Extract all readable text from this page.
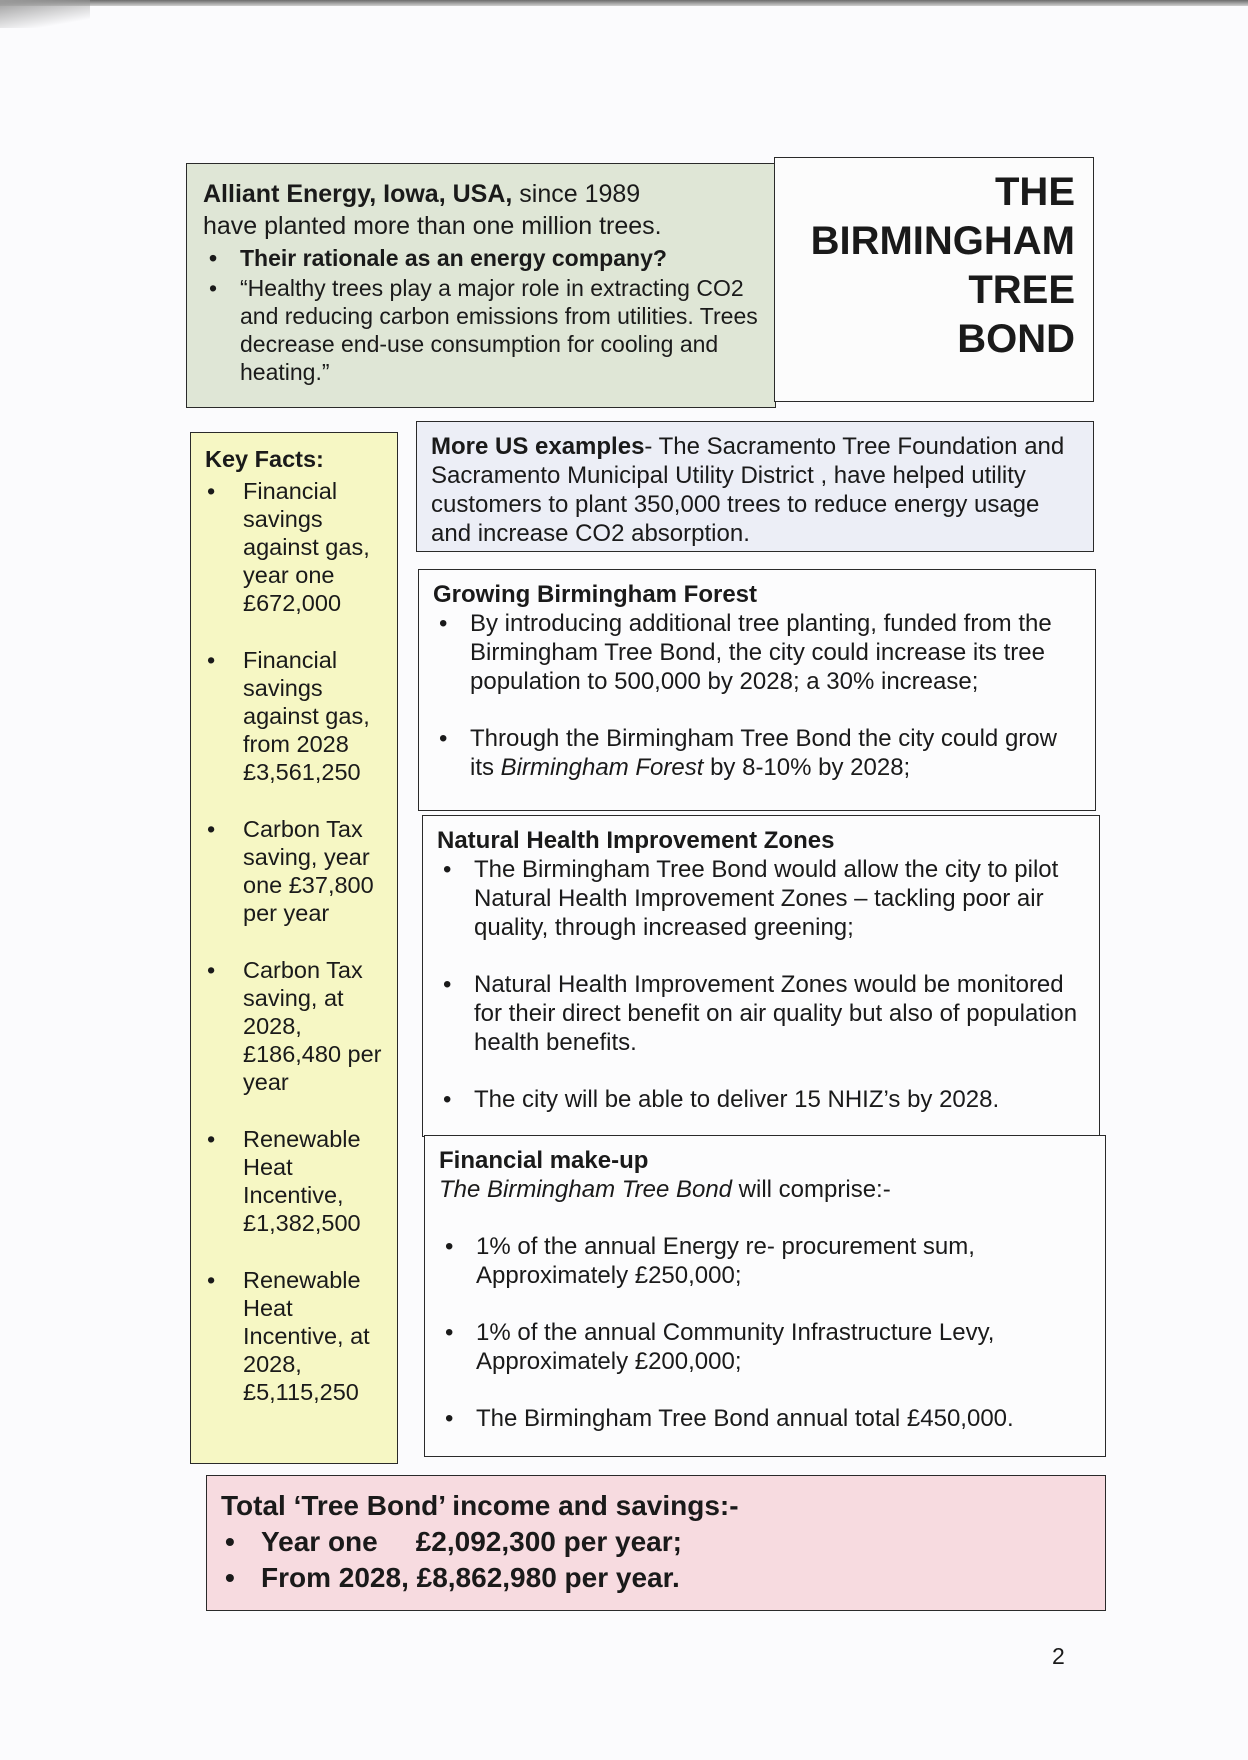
Alliant Energy, Iowa, USA, since 1989
have planted more than one million trees.
• Their rationale as an energy company?
• “Healthy trees play a major role in extracting CO2 and reducing carbon emissions from utilities. Trees decrease end-use consumption for cooling and heating.”
THE
BIRMINGHAM
TREE
BOND
Key Facts:
• Financial savings against gas, year one £672,000
• Financial savings against gas, from 2028 £3,561,250
• Carbon Tax saving, year one £37,800 per year
• Carbon Tax saving, at 2028, £186,480 per year
• Renewable Heat Incentive, £1,382,500
• Renewable Heat Incentive, at 2028, £5,115,250
More US examples- The Sacramento Tree Foundation and Sacramento Municipal Utility District , have helped utility customers to plant 350,000 trees to reduce energy usage and increase CO2 absorption.
Growing Birmingham Forest
• By introducing additional tree planting, funded from the Birmingham Tree Bond, the city could increase its tree population to 500,000 by 2028; a 30% increase;
• Through the Birmingham Tree Bond the city could grow its Birmingham Forest by 8-10% by 2028;
Natural Health Improvement Zones
• The Birmingham Tree Bond would allow the city to pilot Natural Health Improvement Zones – tackling poor air quality, through increased greening;
• Natural Health Improvement Zones would be monitored for their direct benefit on air quality but also of population health benefits.
• The city will be able to deliver 15 NHIZ’s by 2028.
Financial make-up
The Birmingham Tree Bond will comprise:-
• 1% of the annual Energy re- procurement sum, Approximately £250,000;
• 1% of the annual Community Infrastructure Levy, Approximately £200,000;
• The Birmingham Tree Bond annual total £450,000.
Total ‘Tree Bond’ income and savings:-
• Year one £2,092,300 per year;
• From 2028, £8,862,980 per year.
2
